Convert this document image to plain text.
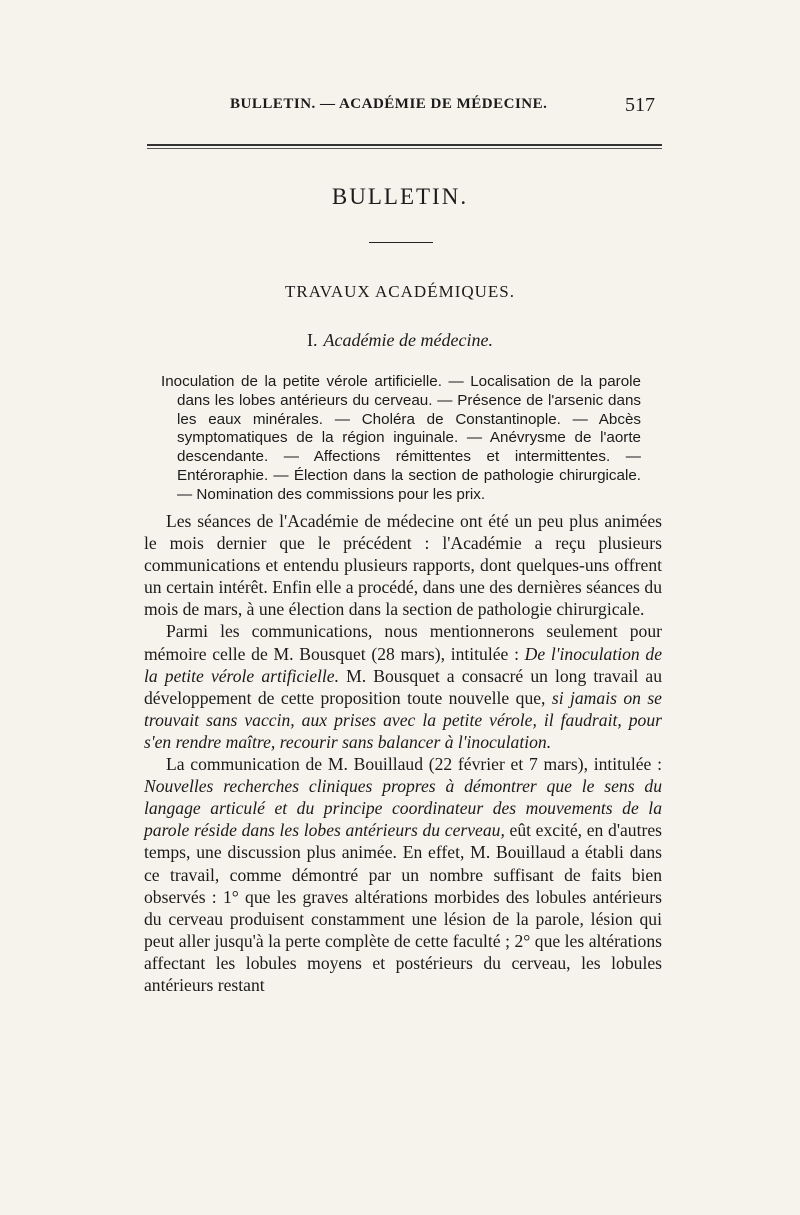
BULLETIN. — ACADÉMIE DE MÉDECINE.	517
BULLETIN.
TRAVAUX ACADÉMIQUES.
I. Académie de médecine.
Inoculation de la petite vérole artificielle. — Localisation de la parole dans les lobes antérieurs du cerveau. — Présence de l'arsenic dans les eaux minérales. — Choléra de Constantinople. — Abcès symptomatiques de la région inguinale. — Anévrysme de l'aorte descendante. — Affections rémittentes et intermittentes. — Entéroraphie. — Élection dans la section de pathologie chirurgicale. — Nomination des commissions pour les prix.

Les séances de l'Académie de médecine ont été un peu plus animées le mois dernier que le précédent : l'Académie a reçu plusieurs communications et entendu plusieurs rapports, dont quelques-uns offrent un certain intérêt. Enfin elle a procédé, dans une des dernières séances du mois de mars, à une élection dans la section de pathologie chirurgicale.

Parmi les communications, nous mentionnerons seulement pour mémoire celle de M. Bousquet (28 mars), intitulée : De l'inoculation de la petite vérole artificielle. M. Bousquet a consacré un long travail au développement de cette proposition toute nouvelle que, si jamais on se trouvait sans vaccin, aux prises avec la petite vérole, il faudrait, pour s'en rendre maître, recourir sans balancer à l'inoculation.

La communication de M. Bouillaud (22 février et 7 mars), intitulée : Nouvelles recherches cliniques propres à démontrer que le sens du langage articulé et du principe coordinateur des mouvements de la parole réside dans les lobes antérieurs du cerveau, eût excité, en d'autres temps, une discussion plus animée. En effet, M. Bouillaud a établi dans ce travail, comme démontré par un nombre suffisant de faits bien observés : 1° que les graves altérations morbides des lobules antérieurs du cerveau produisent constamment une lésion de la parole, lésion qui peut aller jusqu'à la perte complète de cette faculté ; 2° que les altérations affectant les lobules moyens et postérieurs du cerveau, les lobules antérieurs restant
